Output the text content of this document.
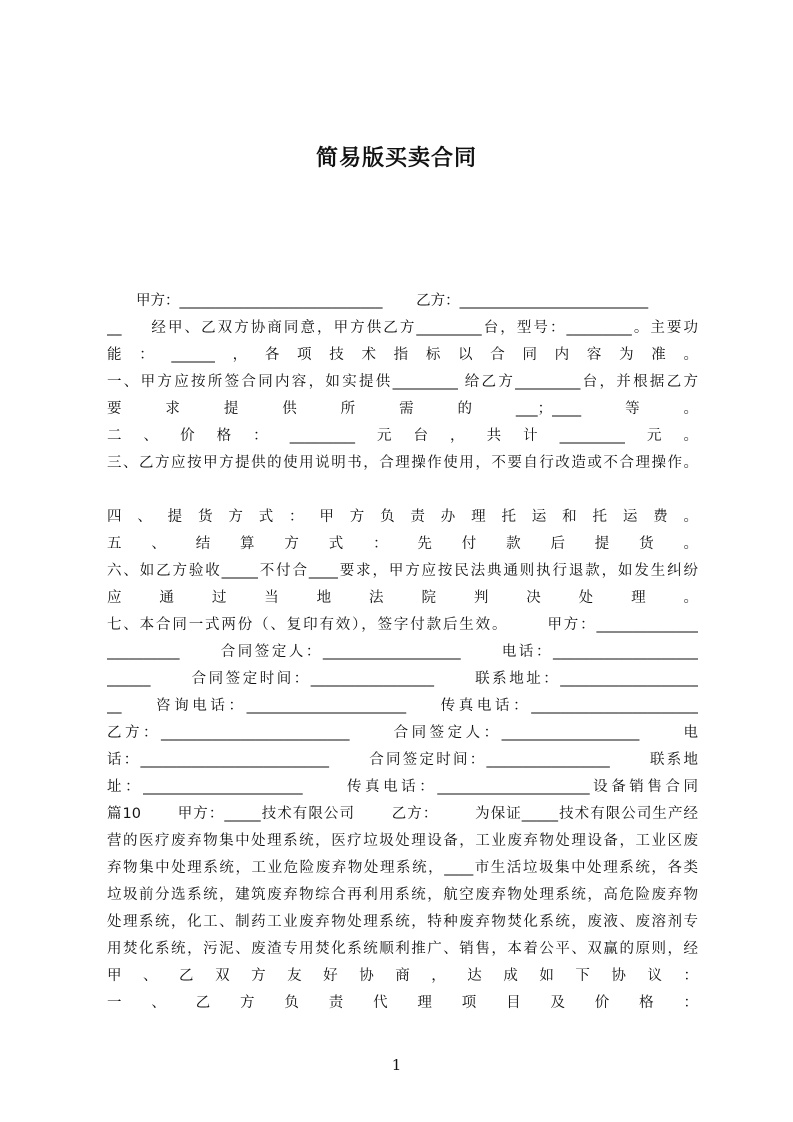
简易版买卖合同
　　甲方：____________________________ 　　乙方：__________________________
__ 　 经甲、乙双方协商同意，甲方供乙方_________台，型号：_________。主要功
能：______，各项技术指标以合同内容为准。
一、甲方应按所签合同内容，如实提供_________ 给乙方_________台，并根据乙方
要求提供所需的___；____等。
二、价格：_________元台，共计_________元。
三、乙方应按甲方提供的使用说明书，合理操作使用，不要自行改造或不合理操作。
四、提货方式：甲方负责办理托运和托运费。
五、结算方式：先付款后提货。
六、如乙方验收_____不付合____要求，甲方应按民法典通则执行退款，如发生纠纷
应通过当地法院判决处理。
七、本合同一式两份（、复印有效），签字付款后生效。 　　甲方：______________
__________ 　　合同签定人：___________________ 　　电话：____________________
______ 　　合同签定时间：_________________ 　　联系地址：___________________
__ 　 咨询电话：______________________ 　 传真电话：_______________________
乙方：__________________________ 　　合同签定人：___________________ 　　电
话：__________________________ 　　合同签定时间：_________________ 　　联系地
址：______________________ 　　传真电话：_____________________设备销售合同
篇10 　　甲方：_____技术有限公司 　　乙方： 　　为保证_____技术有限公司生产经
营的医疗废弃物集中处理系统，医疗垃圾处理设备，工业废弃物处理设备，工业区废
弃物集中处理系统，工业危险废弃物处理系统，____市生活垃圾集中处理系统，各类
垃圾前分选系统，建筑废弃物综合再利用系统，航空废弃物处理系统，高危险废弃物
处理系统，化工、制药工业废弃物处理系统，特种废弃物焚化系统，废液、废溶剂专
用焚化系统，污泥、废渣专用焚化系统顺利推广、销售，本着公平、双赢的原则，经
甲、乙双方友好协商，达成如下协议：
一、乙方负责代理项目及价格：
1
